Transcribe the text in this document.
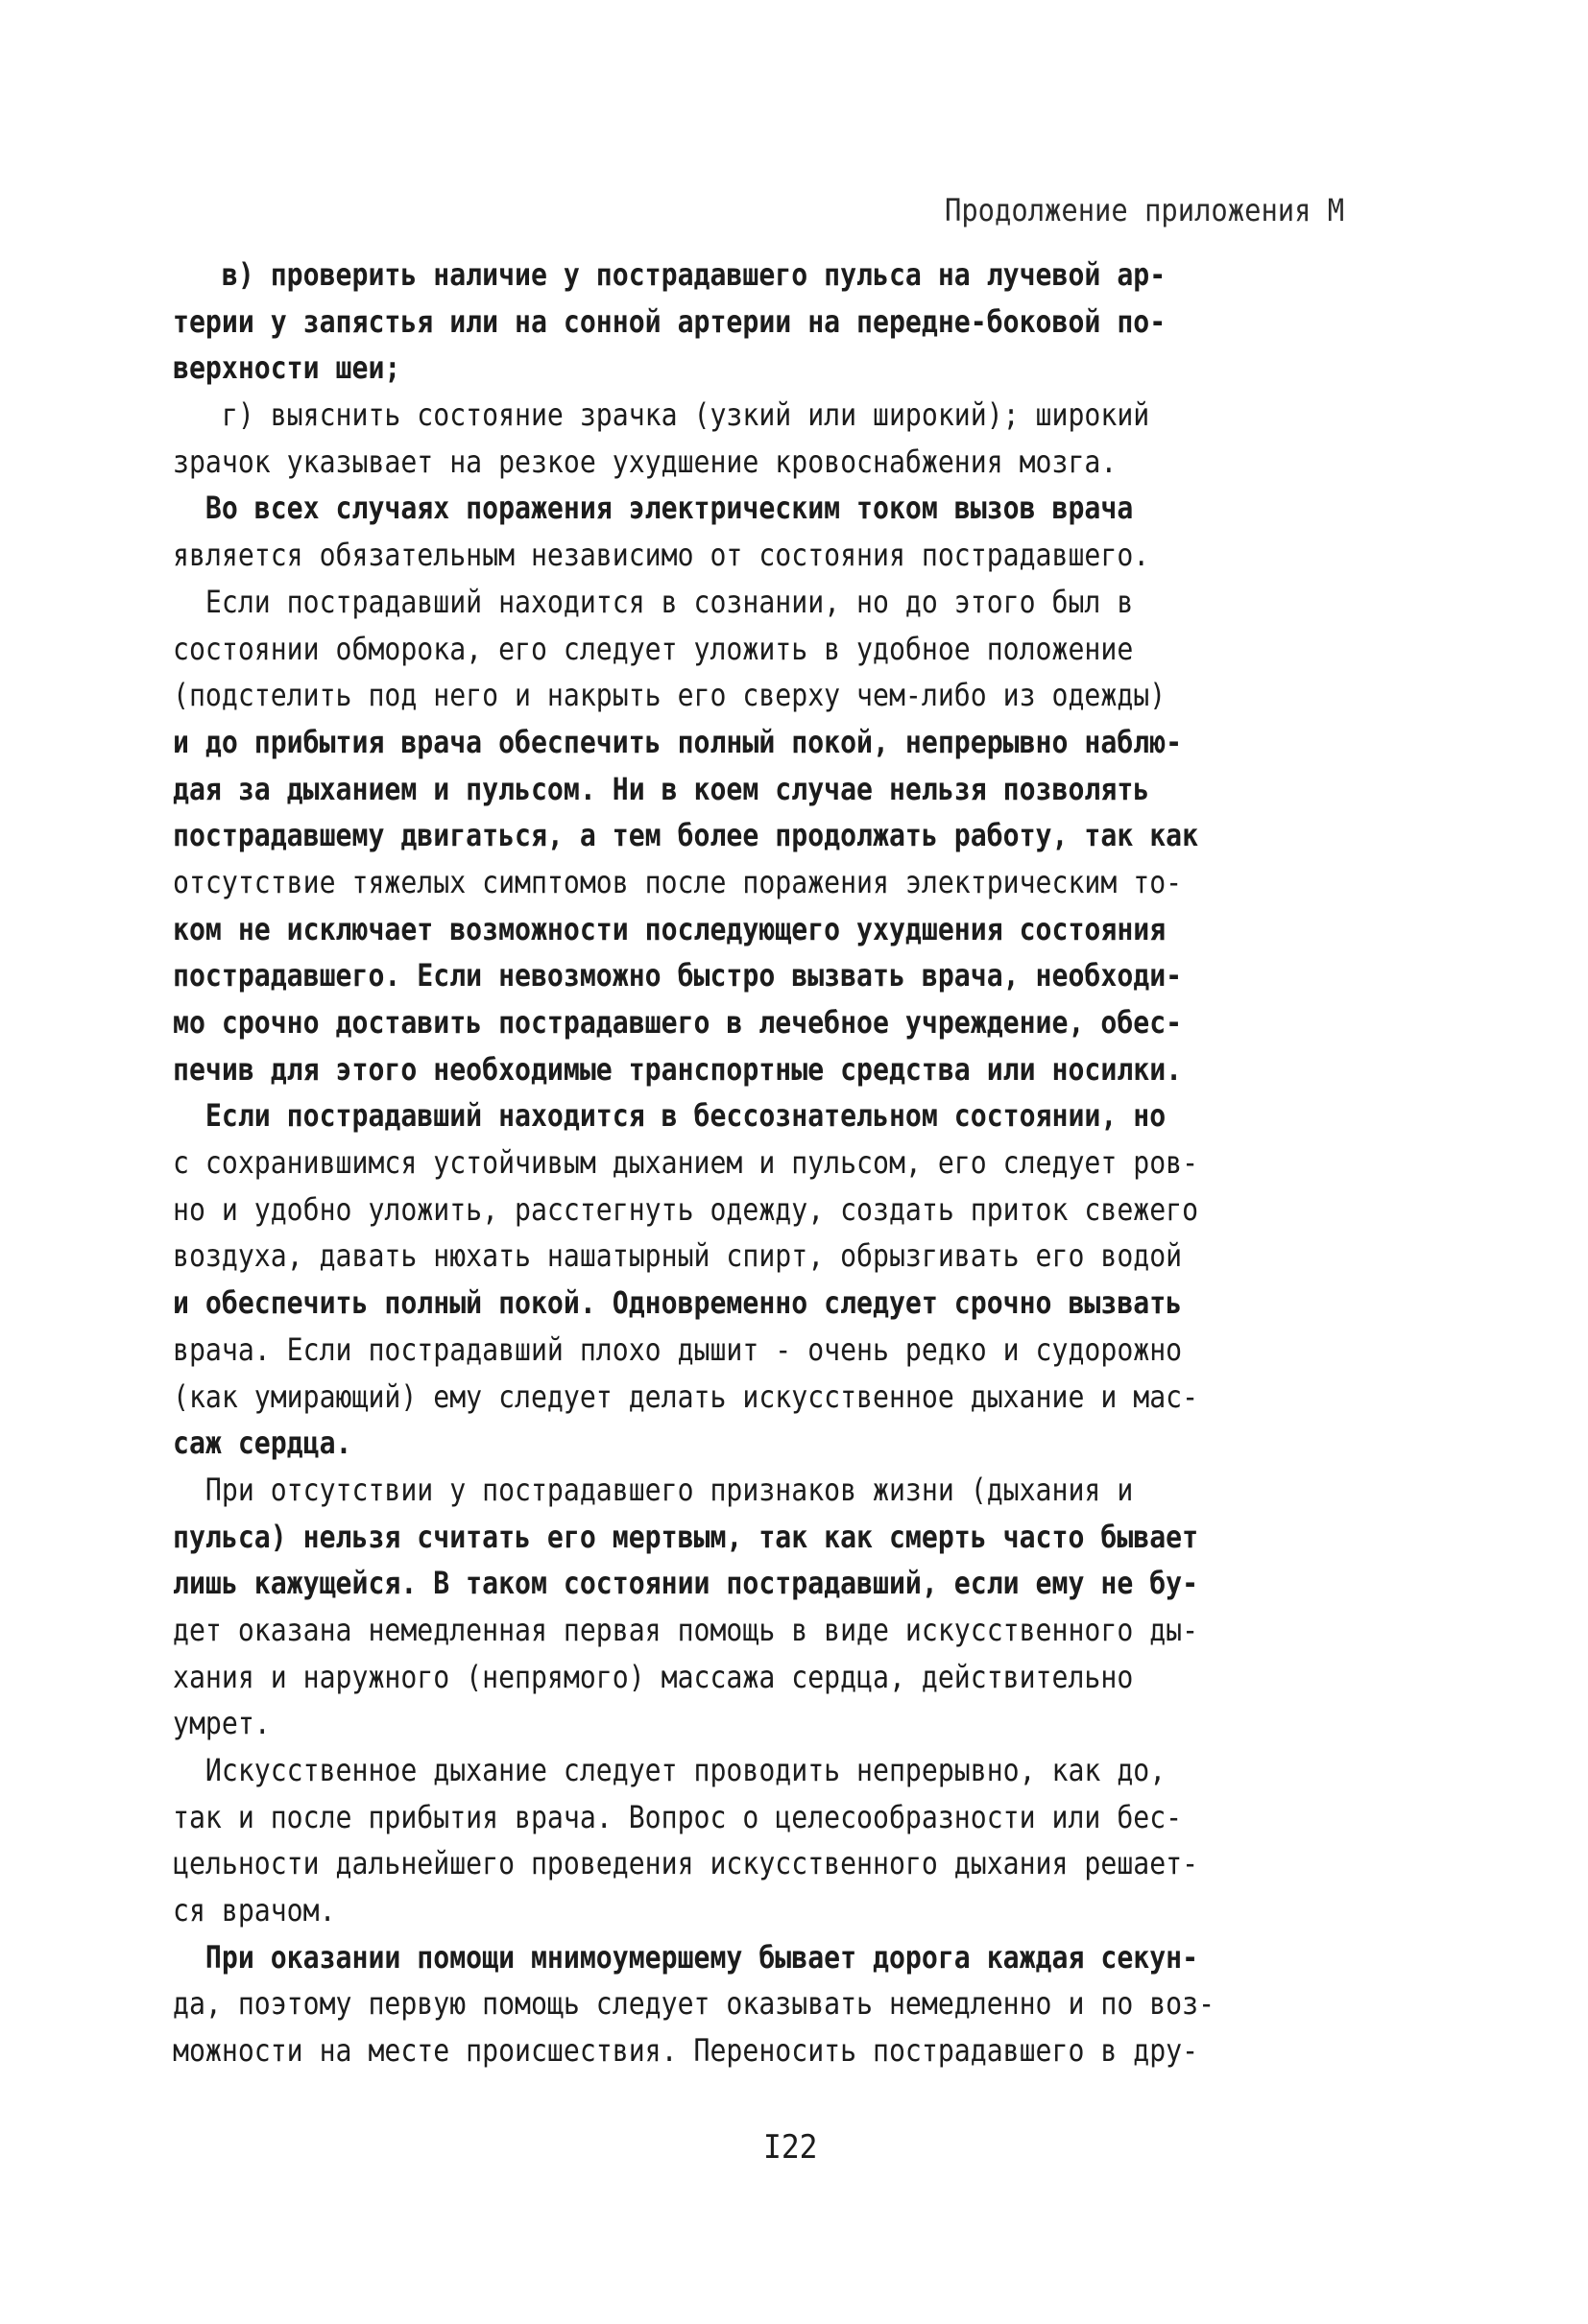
Продолжение приложения М
в) проверить наличие у пострадавшего пульса на лучевой ар-
терии у запястья или на сонной артерии на передне-боковой по-
верхности шеи;
г) выяснить состояние зрачка (узкий или широкий); широкий
зрачок указывает на резкое ухудшение кровоснабжения мозга.
Во всех случаях поражения электрическим током вызов врача
является обязательным независимо от состояния пострадавшего.
Если пострадавший находится в сознании, но до этого был в
состоянии обморока, его следует уложить в удобное положение
(подстелить под него и накрыть его сверху чем-либо из одежды)
и до прибытия врача обеспечить полный покой, непрерывно наблю-
дая за дыханием и пульсом. Ни в коем случае нельзя позволять
пострадавшему двигаться, а тем более продолжать работу, так как
отсутствие тяжелых симптомов после поражения электрическим то-
ком не исключает возможности последующего ухудшения состояния
пострадавшего. Если невозможно быстро вызвать врача, необходи-
мо срочно доставить пострадавшего в лечебное учреждение, обес-
печив для этого необходимые транспортные средства или носилки.
Если пострадавший находится в бессознательном состоянии, но
с сохранившимся устойчивым дыханием и пульсом, его следует ров-
но и удобно уложить, расстегнуть одежду, создать приток свежего
воздуха, давать нюхать нашатырный спирт, обрызгивать его водой
и обеспечить полный покой. Одновременно следует срочно вызвать
врача. Если пострадавший плохо дышит - очень редко и судорожно
(как умирающий) ему следует делать искусственное дыхание и мас-
саж сердца.
При отсутствии у пострадавшего признаков жизни (дыхания и
пульса) нельзя считать его мертвым, так как смерть часто бывает
лишь кажущейся. В таком состоянии пострадавший, если ему не бу-
дет оказана немедленная первая помощь в виде искусственного ды-
хания и наружного (непрямого) массажа сердца, действительно
умрет.
Искусственное дыхание следует проводить непрерывно, как до,
так и после прибытия врача. Вопрос о целесообразности или бес-
цельности дальнейшего проведения искусственного дыхания решает-
ся врачом.
При оказании помощи мнимоумершему бывает дорога каждая секун-
да, поэтому первую помощь следует оказывать немедленно и по воз-
можности на месте происшествия. Переносить пострадавшего в дру-
I22
